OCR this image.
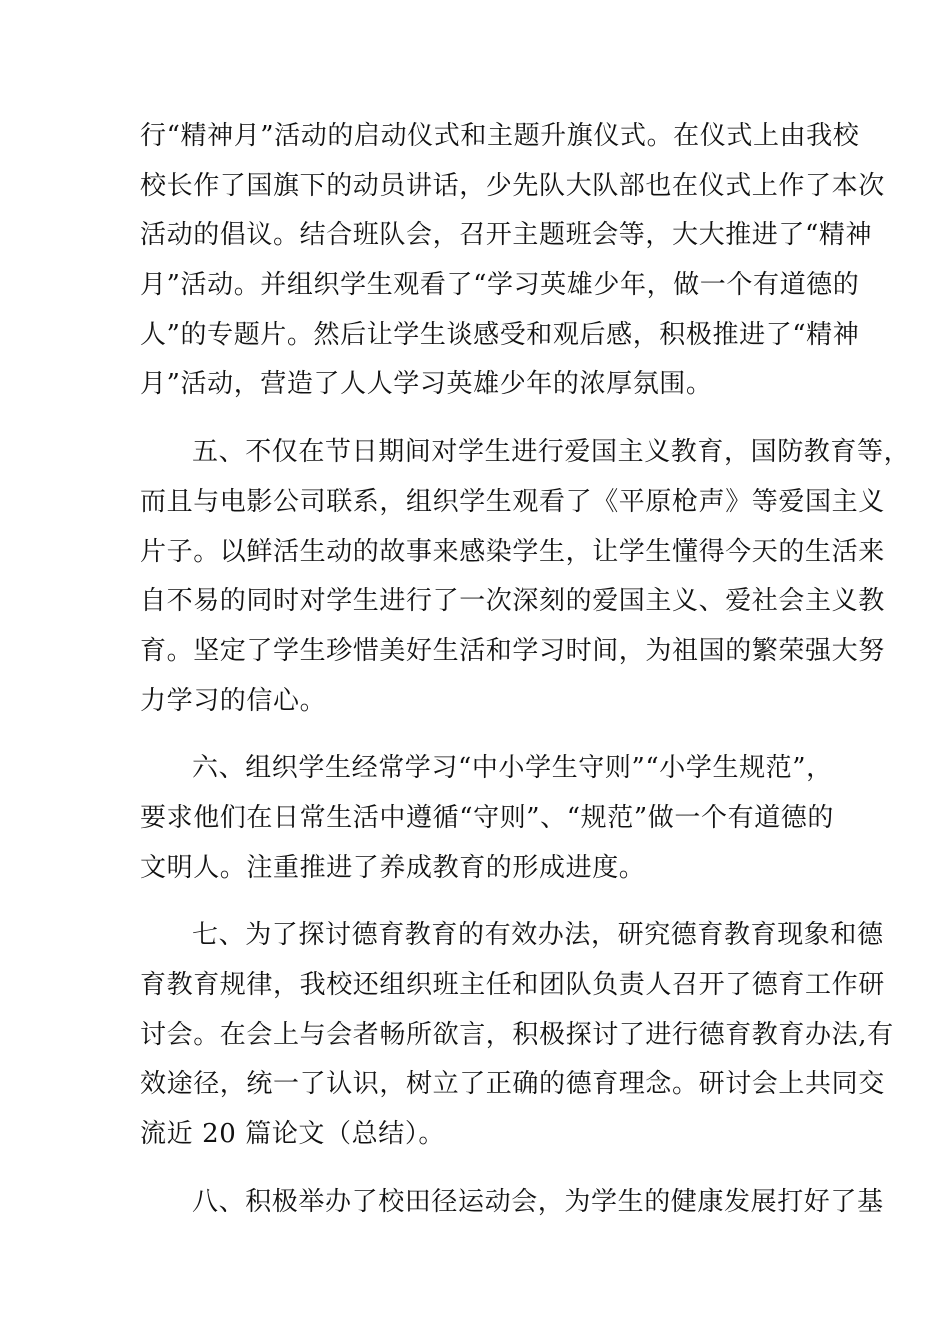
行“精神月”活动的启动仪式和主题升旗仪式。在仪式上由我校
校长作了国旗下的动员讲话，少先队大队部也在仪式上作了本次
活动的倡议。结合班队会，召开主题班会等，大大推进了“精神
月”活动。并组织学生观看了“学习英雄少年，做一个有道德的
人”的专题片。然后让学生谈感受和观后感，积极推进了“精神
月”活动，营造了人人学习英雄少年的浓厚氛围。
五、不仅在节日期间对学生进行爱国主义教育，国防教育等，
而且与电影公司联系，组织学生观看了《平原枪声》等爱国主义
片子。以鲜活生动的故事来感染学生，让学生懂得今天的生活来
自不易的同时对学生进行了一次深刻的爱国主义、爱社会主义教
育。坚定了学生珍惜美好生活和学习时间，为祖国的繁荣强大努
力学习的信心。
六、组织学生经常学习“中小学生守则”“小学生规范”，
要求他们在日常生活中遵循“守则”、“规范”做一个有道德的
文明人。注重推进了养成教育的形成进度。
七、为了探讨德育教育的有效办法，研究德育教育现象和德
育教育规律，我校还组织班主任和团队负责人召开了德育工作研
讨会。在会上与会者畅所欲言，积极探讨了进行德育教育办法,有
效途径，统一了认识，树立了正确的德育理念。研讨会上共同交
流近 20 篇论文（总结）。
八、积极举办了校田径运动会，为学生的健康发展打好了基
